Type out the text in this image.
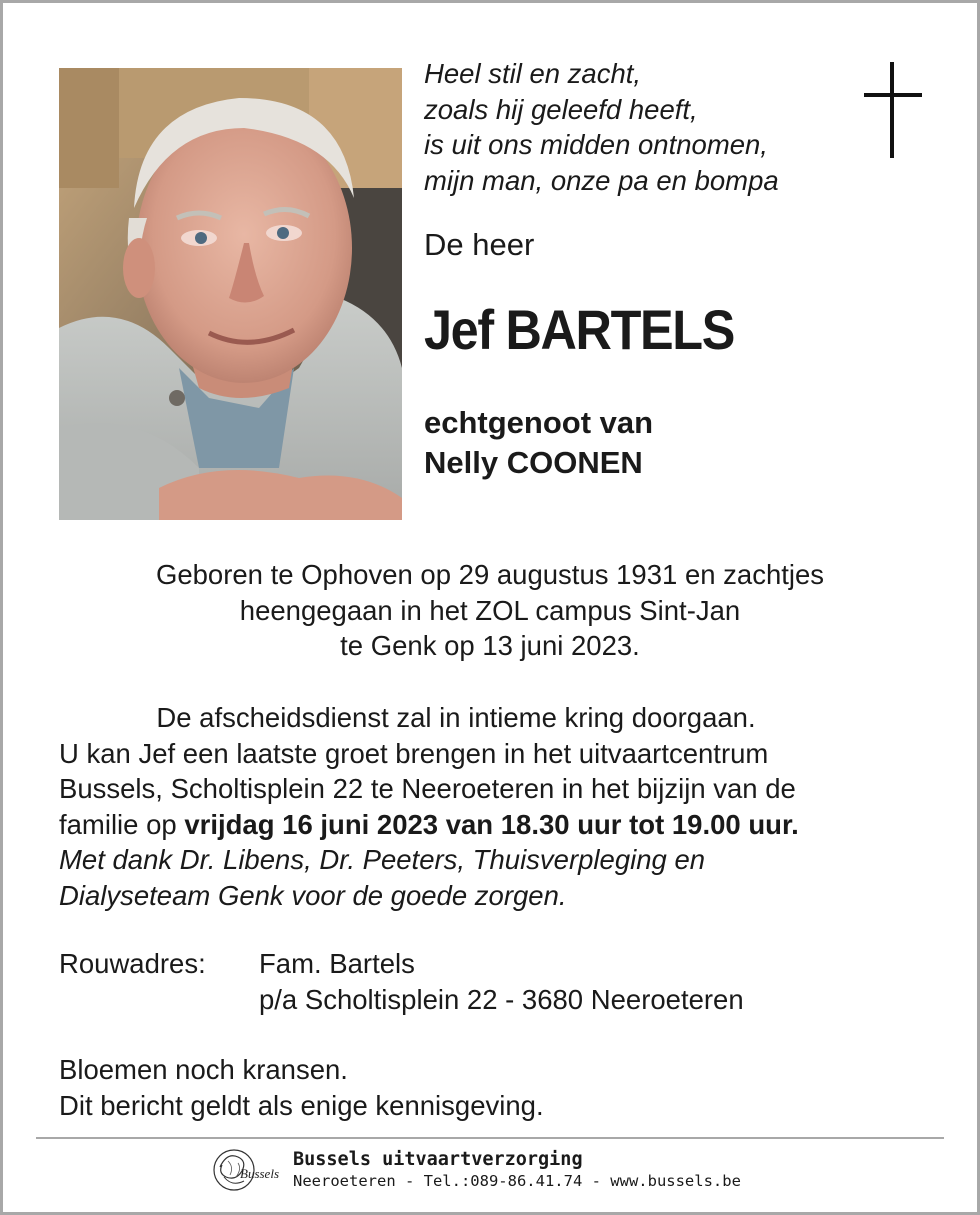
Heel stil en zacht,
zoals hij geleefd heeft,
is uit ons midden ontnomen,
mijn man, onze pa en bompa
De heer
Jef BARTELS
echtgenoot van
Nelly COONEN
Geboren te Ophoven op 29 augustus 1931 en zachtjes
heengegaan in het ZOL campus Sint-Jan
te Genk op 13 juni 2023.
De afscheidsdienst zal in intieme kring doorgaan.
U kan Jef een laatste groet brengen in het uitvaartcentrum
Bussels, Scholtisplein 22 te Neeroeteren in het bijzijn van de
familie op vrijdag 16 juni 2023 van 18.30 uur tot 19.00 uur.
Met dank Dr. Libens, Dr. Peeters, Thuisverpleging en
Dialyseteam Genk voor de goede zorgen.
Rouwadres: Fam. Bartels
p/a Scholtisplein 22 - 3680 Neeroeteren
Bloemen noch kransen.
Dit bericht geldt als enige kennisgeving.
Bussels
Bussels uitvaartverzorging
Neeroeteren - Tel.:089-86.41.74 - www.bussels.be
